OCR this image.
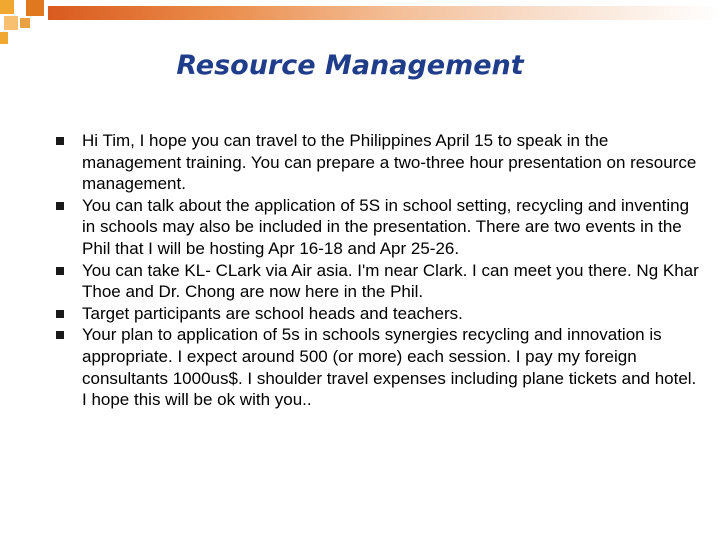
Resource Management
Hi Tim, I hope you can travel to the Philippines April 15 to speak in the management training. You can prepare a two-three hour presentation on resource management.
You can talk about the application of 5S in school setting, recycling and inventing in schools may also be included in the presentation. There are two events in the Phil that I will be hosting Apr 16-18 and Apr 25-26.
You can take KL- CLark via Air asia. I'm near Clark. I can meet you there. Ng Khar Thoe and Dr. Chong are now here in the Phil.
Target participants are school heads and teachers.
Your plan to application of 5s in schools synergies recycling and innovation is appropriate. I expect around 500 (or more) each session. I pay my foreign consultants 1000us$. I shoulder travel expenses including plane tickets and hotel. I hope this will be ok with you..
